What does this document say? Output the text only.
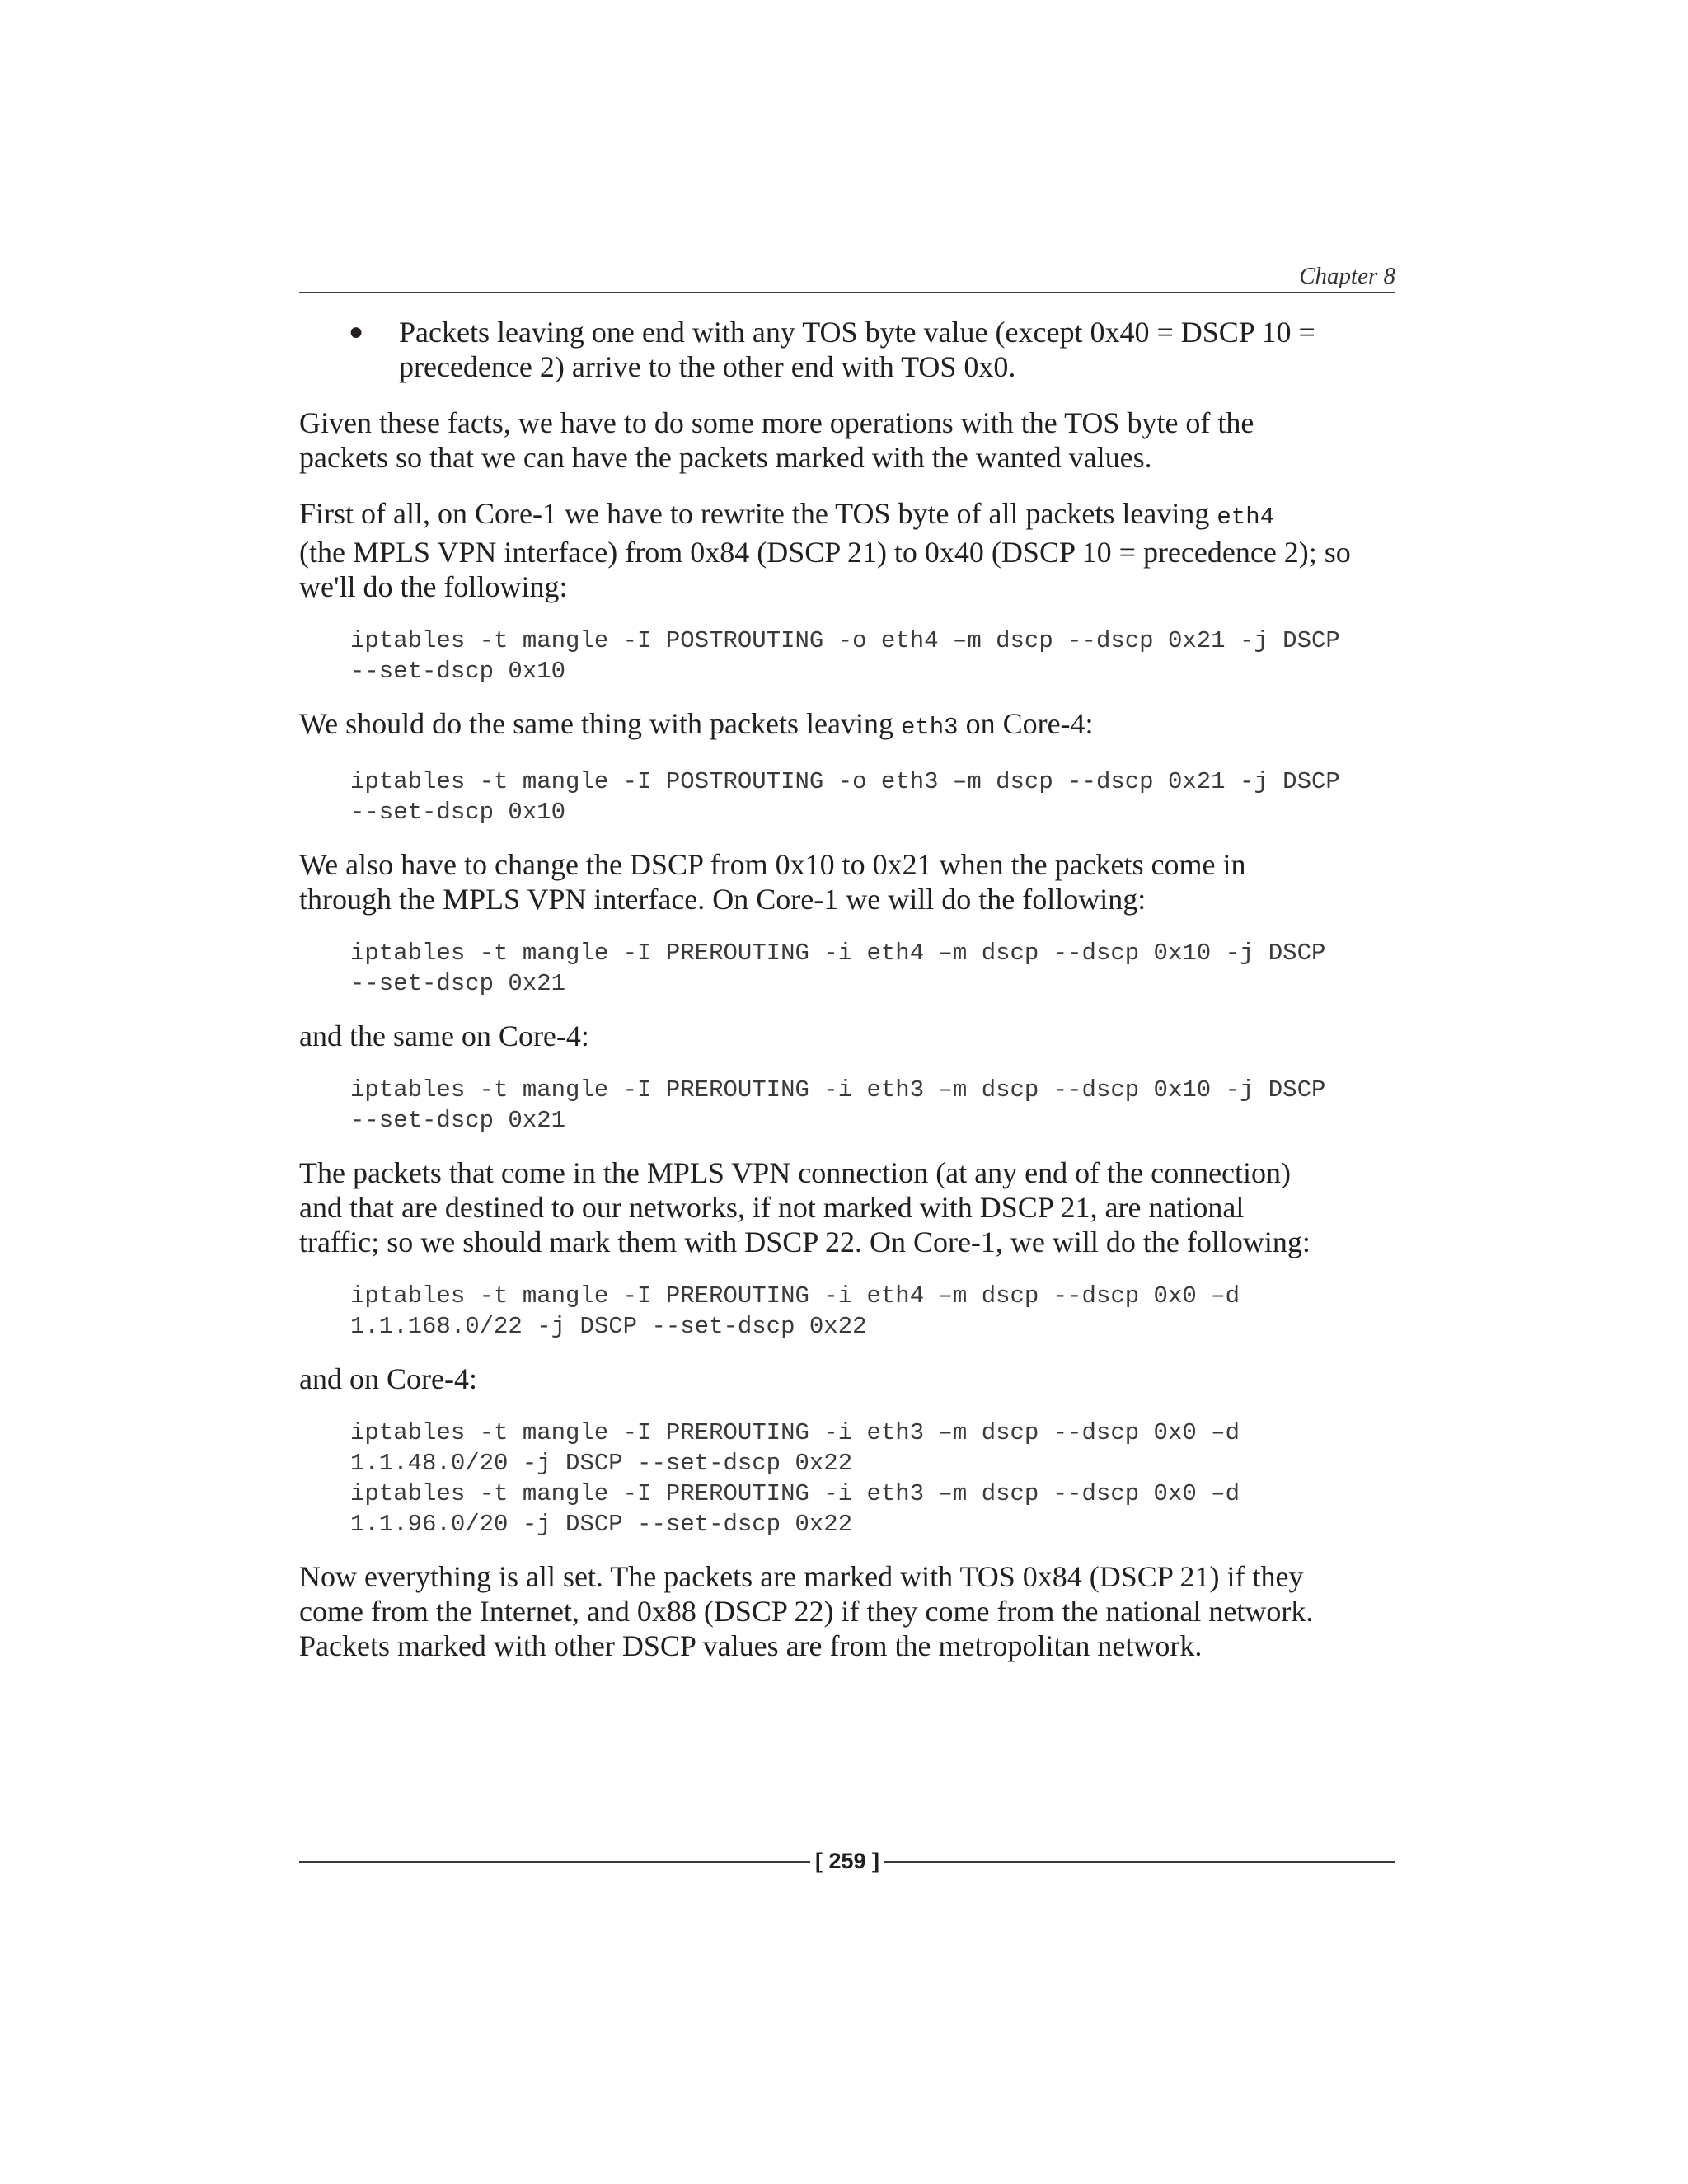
Chapter 8
● Packets leaving one end with any TOS byte value (except 0x40 = DSCP 10 =
precedence 2) arrive to the other end with TOS 0x0.

Given these facts, we have to do some more operations with the TOS byte of the
packets so that we can have the packets marked with the wanted values.

First of all, on Core-1 we have to rewrite the TOS byte of all packets leaving eth4
(the MPLS VPN interface) from 0x84 (DSCP 21) to 0x40 (DSCP 10 = precedence 2); so
we'll do the following:

iptables -t mangle -I POSTROUTING -o eth4 –m dscp --dscp 0x21 -j DSCP
--set-dscp 0x10

We should do the same thing with packets leaving eth3 on Core-4:

iptables -t mangle -I POSTROUTING -o eth3 –m dscp --dscp 0x21 -j DSCP
--set-dscp 0x10

We also have to change the DSCP from 0x10 to 0x21 when the packets come in
through the MPLS VPN interface. On Core-1 we will do the following:

iptables -t mangle -I PREROUTING -i eth4 –m dscp --dscp 0x10 -j DSCP
--set-dscp 0x21

and the same on Core-4:

iptables -t mangle -I PREROUTING -i eth3 –m dscp --dscp 0x10 -j DSCP
--set-dscp 0x21

The packets that come in the MPLS VPN connection (at any end of the connection)
and that are destined to our networks, if not marked with DSCP 21, are national
traffic; so we should mark them with DSCP 22. On Core-1, we will do the following:

iptables -t mangle -I PREROUTING -i eth4 –m dscp --dscp 0x0 –d
1.1.168.0/22 -j DSCP --set-dscp 0x22

and on Core-4:

iptables -t mangle -I PREROUTING -i eth3 –m dscp --dscp 0x0 –d
1.1.48.0/20 -j DSCP --set-dscp 0x22
iptables -t mangle -I PREROUTING -i eth3 –m dscp --dscp 0x0 –d
1.1.96.0/20 -j DSCP --set-dscp 0x22

Now everything is all set. The packets are marked with TOS 0x84 (DSCP 21) if they
come from the Internet, and 0x88 (DSCP 22) if they come from the national network.
Packets marked with other DSCP values are from the metropolitan network.

[ 259 ]
